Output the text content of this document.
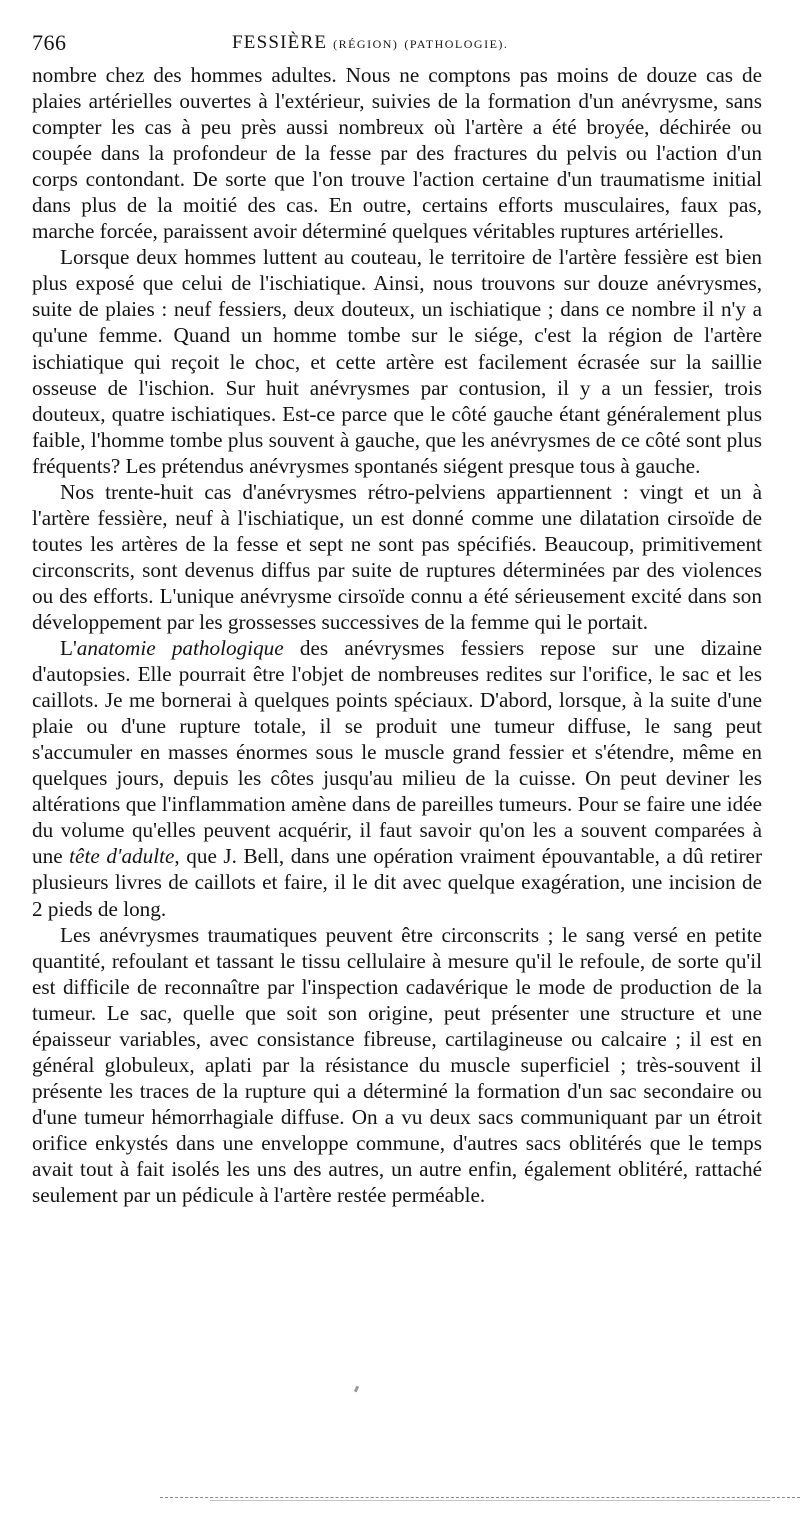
766	FESSIÈRE (RÉGION) (PATHOLOGIE).

nombre chez des hommes adultes. Nous ne comptons pas moins de douze cas de plaies artérielles ouvertes à l'extérieur, suivies de la formation d'un anévrysme, sans compter les cas à peu près aussi nombreux où l'artère a été broyée, déchirée ou coupée dans la profondeur de la fesse par des fractures du pelvis ou l'action d'un corps contondant. De sorte que l'on trouve l'action certaine d'un traumatisme initial dans plus de la moitié des cas. En outre, certains efforts musculaires, faux pas, marche forcée, paraissent avoir déterminé quelques véritables ruptures artérielles.

Lorsque deux hommes luttent au couteau, le territoire de l'artère fessière est bien plus exposé que celui de l'ischiatique. Ainsi, nous trouvons sur douze anévrysmes, suite de plaies : neuf fessiers, deux douteux, un ischiatique ; dans ce nombre il n'y a qu'une femme. Quand un homme tombe sur le siége, c'est la région de l'artère ischiatique qui reçoit le choc, et cette artère est facilement écrasée sur la saillie osseuse de l'ischion. Sur huit anévrysmes par contusion, il y a un fessier, trois douteux, quatre ischiatiques. Est-ce parce que le côté gauche étant généralement plus faible, l'homme tombe plus souvent à gauche, que les anévrysmes de ce côté sont plus fréquents? Les prétendus anévrysmes spontanés siégent presque tous à gauche.

Nos trente-huit cas d'anévrysmes rétro-pelviens appartiennent : vingt et un à l'artère fessière, neuf à l'ischiatique, un est donné comme une dilatation cirsoïde de toutes les artères de la fesse et sept ne sont pas spécifiés. Beaucoup, primitivement circonscrits, sont devenus diffus par suite de ruptures déterminées par des violences ou des efforts. L'unique anévrysme cirsoïde connu a été sérieusement excité dans son développement par les grossesses successives de la femme qui le portait.

L'anatomie pathologique des anévrysmes fessiers repose sur une dizaine d'autopsies. Elle pourrait être l'objet de nombreuses redites sur l'orifice, le sac et les caillots. Je me bornerai à quelques points spéciaux. D'abord, lorsque, à la suite d'une plaie ou d'une rupture totale, il se produit une tumeur diffuse, le sang peut s'accumuler en masses énormes sous le muscle grand fessier et s'étendre, même en quelques jours, depuis les côtes jusqu'au milieu de la cuisse. On peut deviner les altérations que l'inflammation amène dans de pareilles tumeurs. Pour se faire une idée du volume qu'elles peuvent acquérir, il faut savoir qu'on les a souvent comparées à une tête d'adulte, que J. Bell, dans une opération vraiment épouvantable, a dû retirer plusieurs livres de caillots et faire, il le dit avec quelque exagération, une incision de 2 pieds de long.

Les anévrysmes traumatiques peuvent être circonscrits ; le sang versé en petite quantité, refoulant et tassant le tissu cellulaire à mesure qu'il le refoule, de sorte qu'il est difficile de reconnaître par l'inspection cadavérique le mode de production de la tumeur. Le sac, quelle que soit son origine, peut présenter une structure et une épaisseur variables, avec consistance fibreuse, cartilagineuse ou calcaire ; il est en général globuleux, aplati par la résistance du muscle superficiel ; très-souvent il présente les traces de la rupture qui a déterminé la formation d'un sac secondaire ou d'une tumeur hémorrhagiale diffuse. On a vu deux sacs communiquant par un étroit orifice enkystés dans une enveloppe commune, d'autres sacs oblitérés que le temps avait tout à fait isolés les uns des autres, un autre enfin, également oblitéré, rattaché seulement par un pédicule à l'artère restée perméable.
